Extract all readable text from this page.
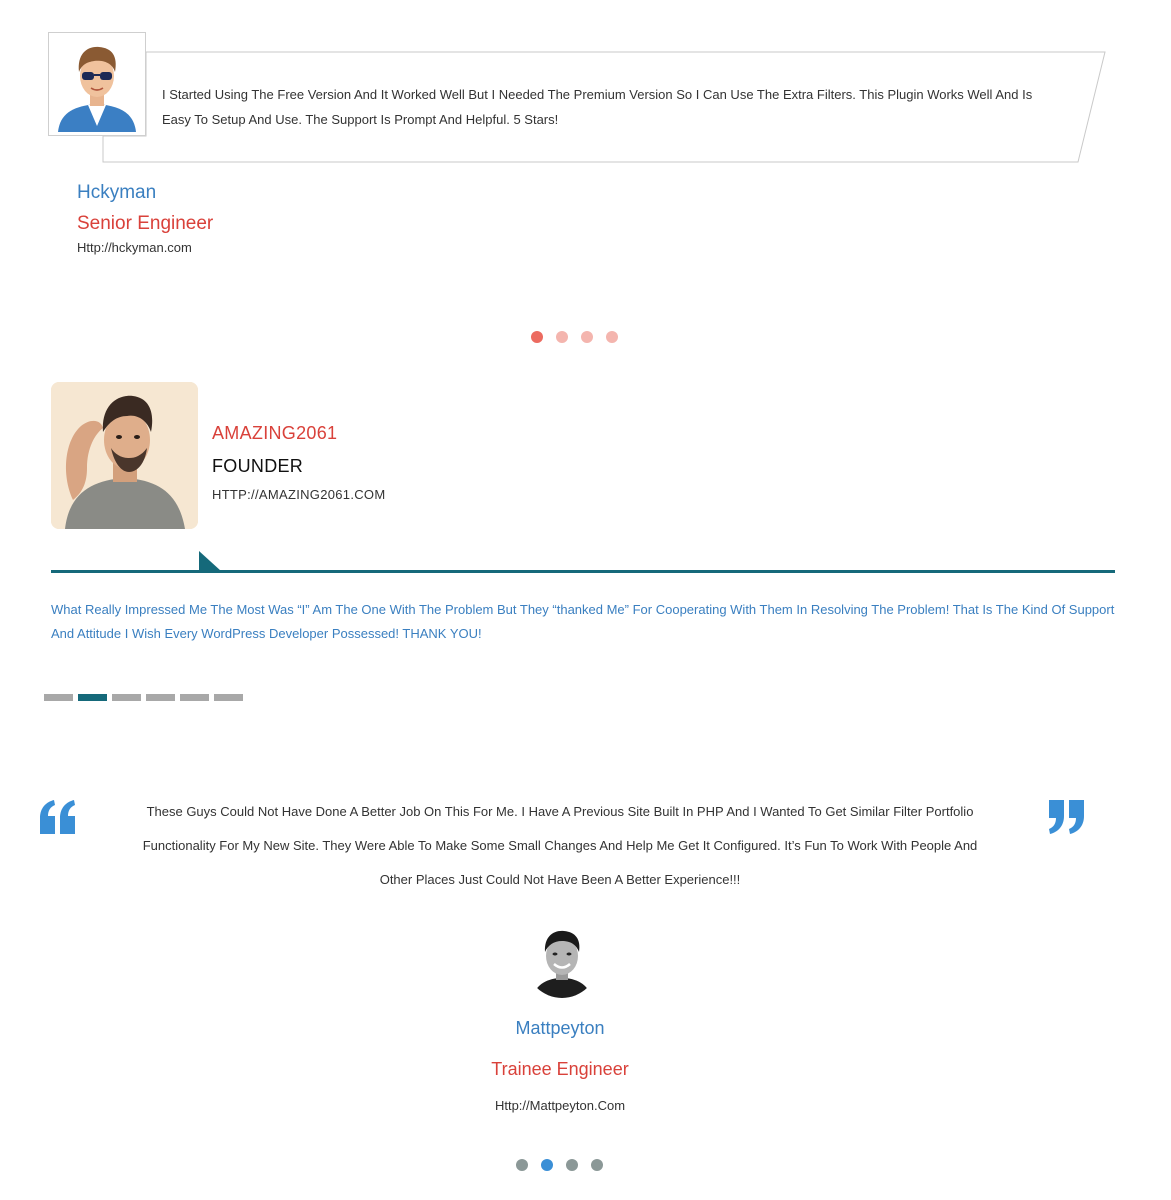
I Started Using The Free Version And It Worked Well But I Needed The Premium Version So I Can Use The Extra Filters. This Plugin Works Well And Is Easy To Setup And Use. The Support Is Prompt And Helpful. 5 Stars!
Hckyman
Senior Engineer
Http://hckyman.com
AMAZING2061
FOUNDER
HTTP://AMAZING2061.COM
What Really Impressed Me The Most Was “I” Am The One With The Problem But They “thanked Me” For Cooperating With Them In Resolving The Problem! That Is The Kind Of Support And Attitude I Wish Every WordPress Developer Possessed! THANK YOU!
These Guys Could Not Have Done A Better Job On This For Me. I Have A Previous Site Built In PHP And I Wanted To Get Similar Filter Portfolio Functionality For My New Site. They Were Able To Make Some Small Changes And Help Me Get It Configured. It’s Fun To Work With People And Other Places Just Could Not Have Been A Better Experience!!!
Mattpeyton
Trainee Engineer
Http://Mattpeyton.Com
